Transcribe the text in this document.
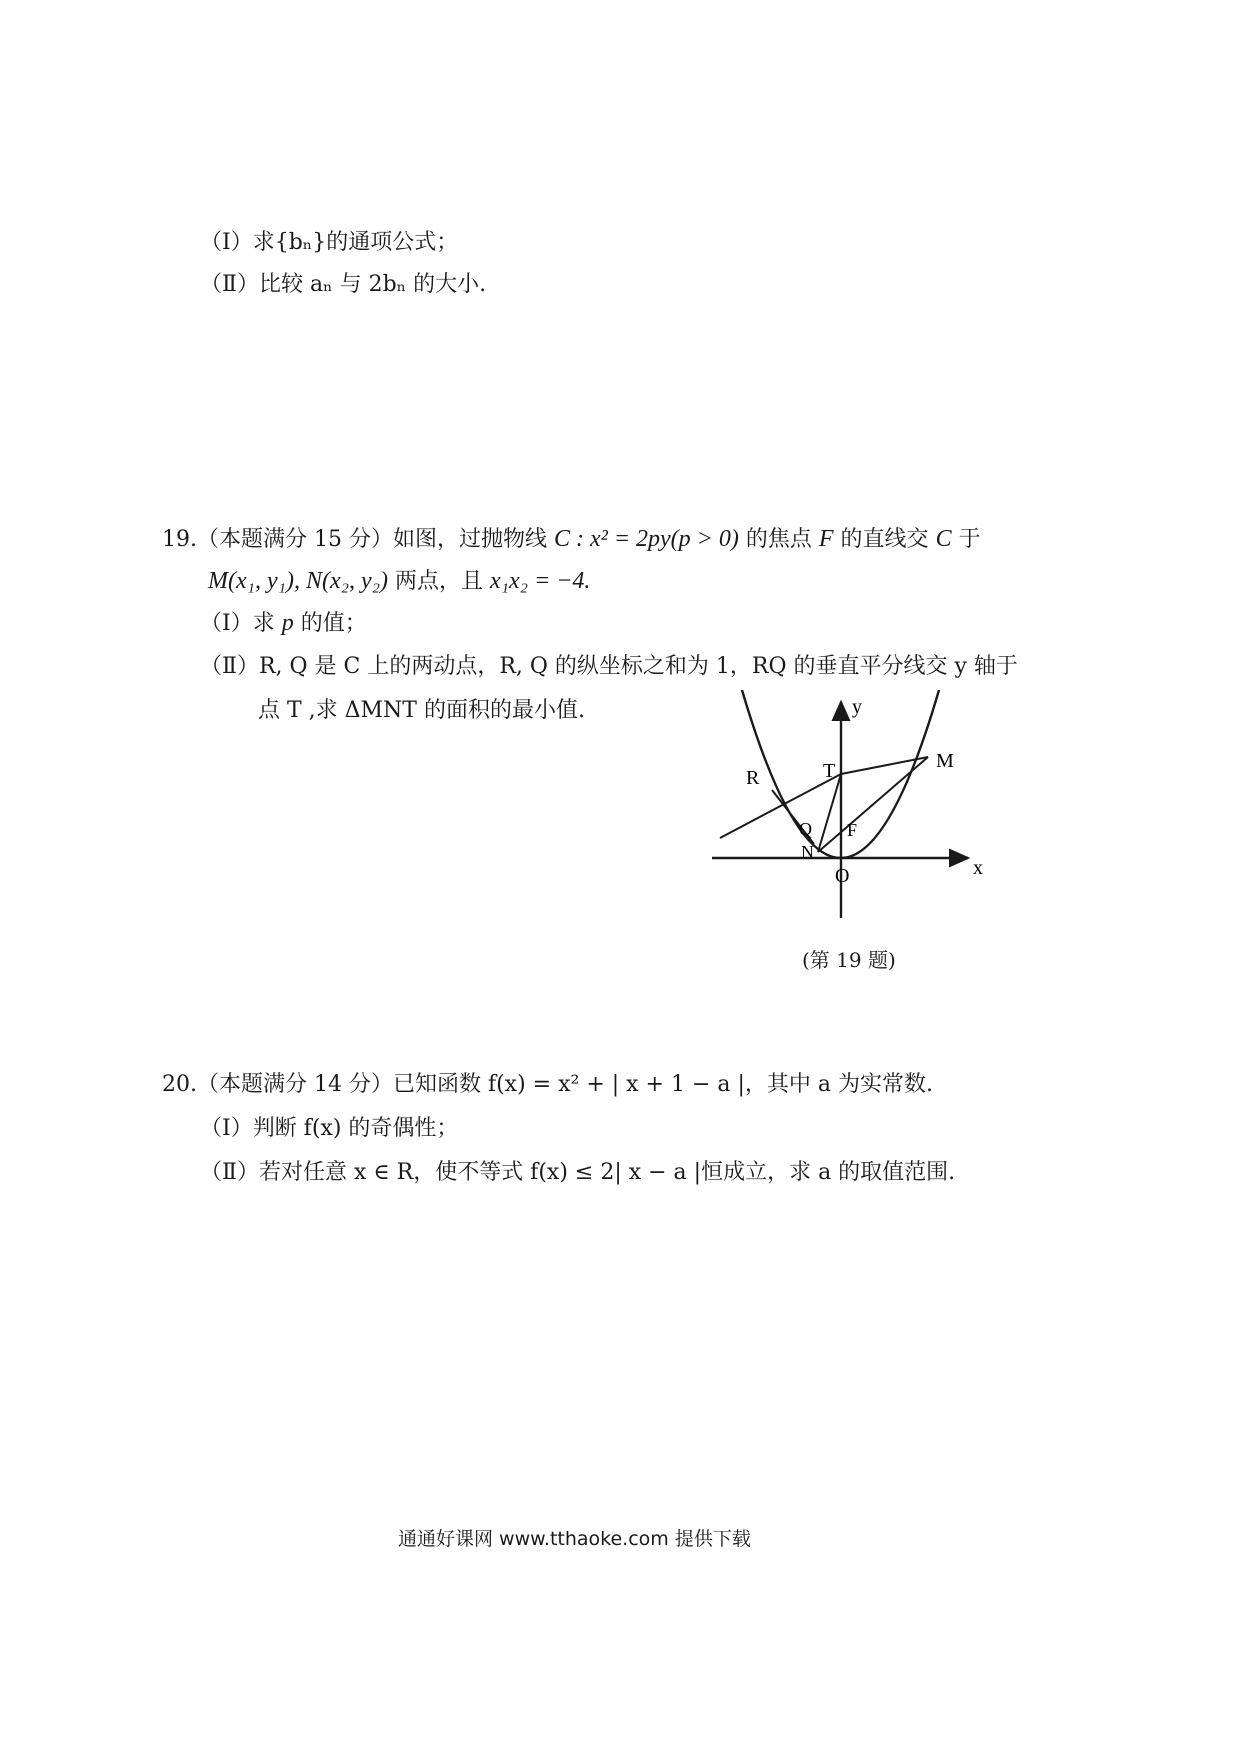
（Ⅰ）求{bₙ}的通项公式；
（Ⅱ）比较 aₙ 与 2bₙ 的大小.
19.（本题满分 15 分）如图，过抛物线 C : x² = 2py(p > 0) 的焦点 F 的直线交 C 于
M(x₁, y₁), N(x₂, y₂) 两点，且 x₁x₂ = −4.
（Ⅰ）求 p 的值；
（Ⅱ）R, Q 是 C 上的两动点，R, Q 的纵坐标之和为 1，RQ 的垂直平分线交 y 轴于
点 T ,求 ΔMNT 的面积的最小值.	y
T	M
R
Q F
N
O	x
(第 19 题)
20.（本题满分 14 分）已知函数 f(x) = x² + | x + 1 − a |，其中 a 为实常数.
（Ⅰ）判断 f(x) 的奇偶性；
（Ⅱ）若对任意 x ∈ R，使不等式 f(x) ≤ 2| x − a |恒成立，求 a 的取值范围.
通通好课网 www.tthaoke.com 提供下载
